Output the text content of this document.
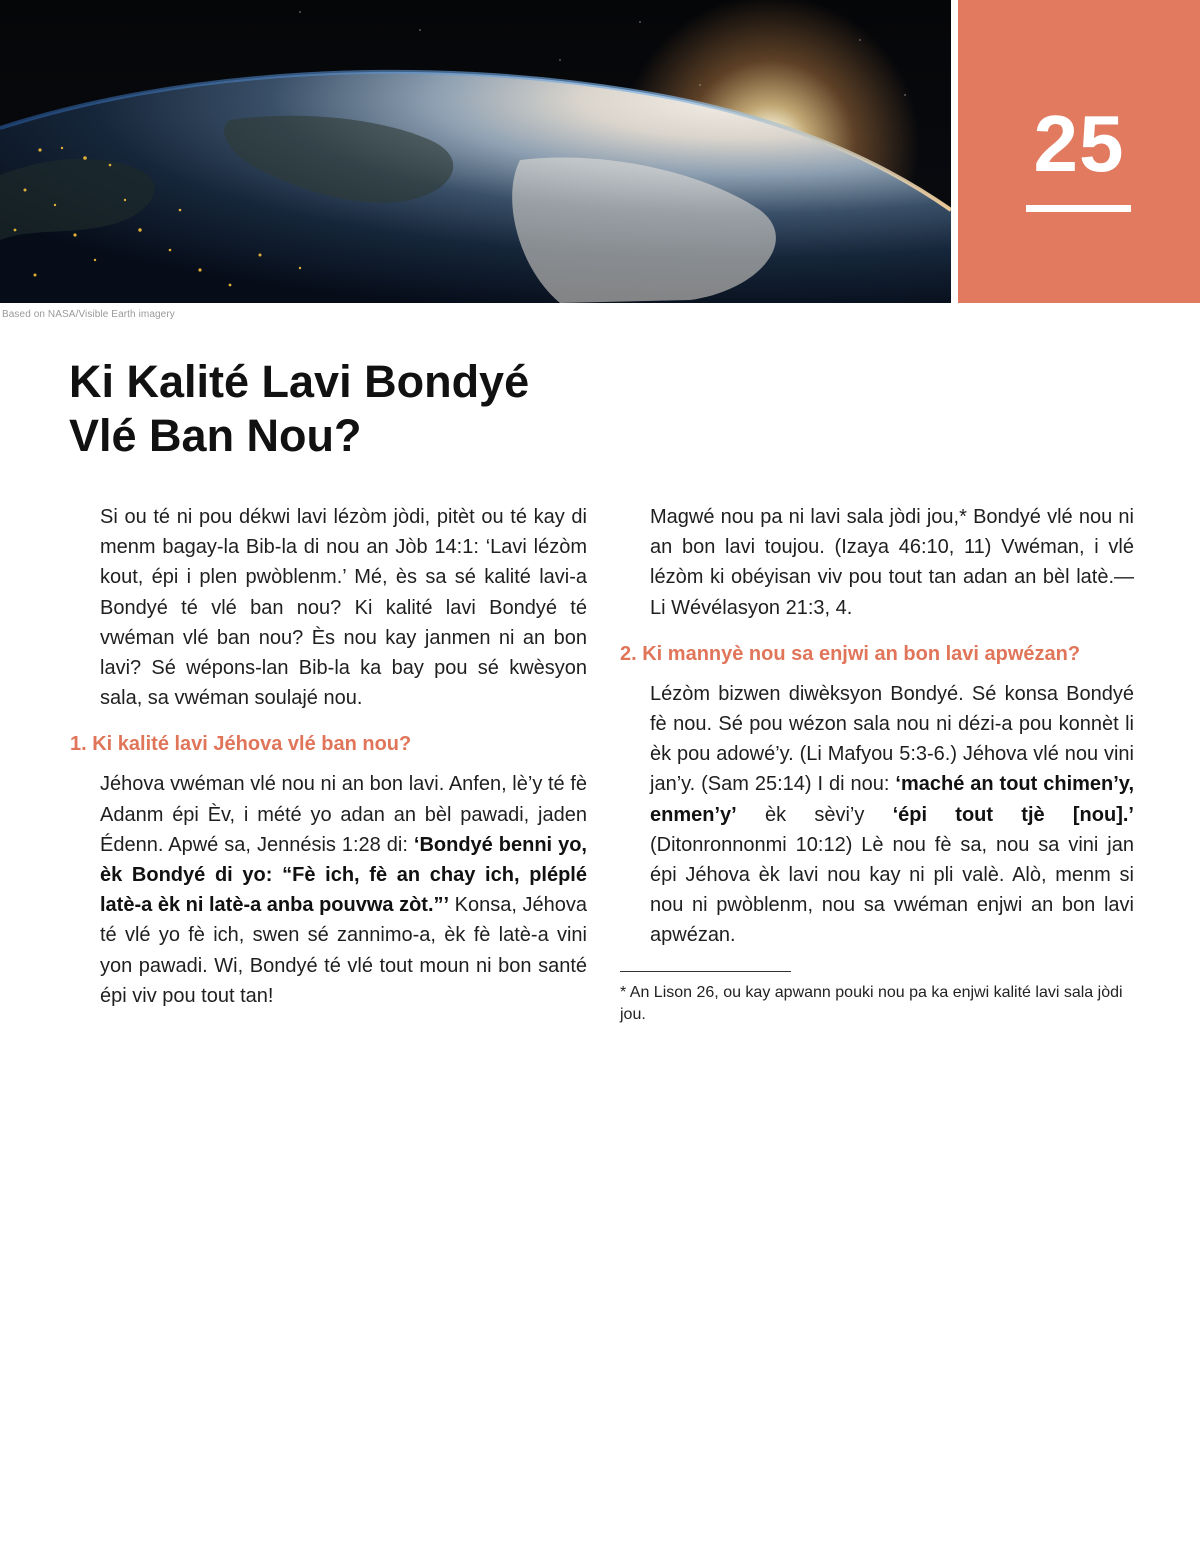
Based on NASA/Visible Earth imagery
25
Ki Kalité Lavi Bondyé
Vlé Ban Nou?

Si ou té ni pou dékwi lavi lézòm jòdi, pitèt ou té kay di menm bagay-la Bib-la di nou an Jòb 14:1: ‘Lavi lézòm kout, épi i plen pwòblenm.’ Mé, ès sa sé kalité lavi-a Bondyé té vlé ban nou? Ki kalité lavi Bondyé té vwéman vlé ban nou? Ès nou kay janmen ni an bon lavi? Sé wépons-lan Bib-la ka bay pou sé kwèsyon sala, sa vwéman soulajé nou.

1. Ki kalité lavi Jéhova vlé ban nou?

Jéhova vwéman vlé nou ni an bon lavi. Anfen, lè’y té fè Adanm épi Èv, i mété yo adan an bèl pawadi, jaden Édenn. Apwé sa, Jennésis 1:28 di: ‘Bondyé benni yo, èk Bondyé di yo: “Fè ich, fè an chay ich, pléplé latè-a èk ni latè-a anba pouvwa zòt.”’ Konsa, Jéhova té vlé yo fè ich, swen sé zannimo-a, èk fè latè-a vini yon pawadi. Wi, Bondyé té vlé tout moun ni bon santé épi viv pou tout tan!

Magwé nou pa ni lavi sala jòdi jou,* Bondyé vlé nou ni an bon lavi toujou. (Izaya 46:10, 11) Vwéman, i vlé lézòm ki obéyisan viv pou tout tan adan an bèl latè.—Li Wévélasyon 21:3, 4.

2. Ki mannyè nou sa enjwi an bon lavi apwézan?

Lézòm bizwen diwèksyon Bondyé. Sé konsa Bondyé fè nou. Sé pou wézon sala nou ni dézi-a pou konnèt li èk pou adowé’y. (Li Mafyou 5:3-6.) Jéhova vlé nou vini jan’y. (Sam 25:14) I di nou: ‘maché an tout chimen’y, enmen’y’ èk sèvi’y ‘épi tout tjè [nou].’ (Ditonronnonmi 10:12) Lè nou fè sa, nou sa vini jan épi Jéhova èk lavi nou kay ni pli valè. Alò, menm si nou ni pwòblenm, nou sa vwéman enjwi an bon lavi apwézan.

* An Lison 26, ou kay apwann pouki nou pa ka enjwi kalité lavi sala jòdi jou.
